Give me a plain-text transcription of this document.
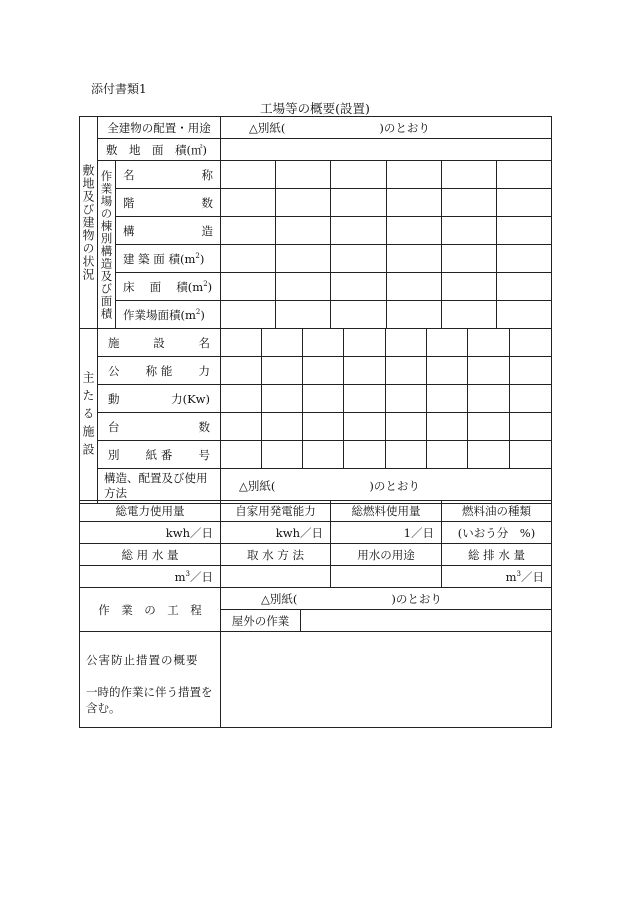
添付書類1
工場等の概要(設置)
敷地及び建物の状況	全建物の配置・用途		△別紙( )のとおり					
	敷　地　面　積(㎡)							
	作業場の棟別構造及び面積	名 称						

		階 数						

		構 造						

		建 築 面 積$(m^2)$						
		床　 面　 積$(m^2)$						
		作業場面積$(m^2)$						
主たる施設	施 設 名								

	公 称 能 力								

	動 力(Kw)								

	台 数								

	別 紙 番 号								

	構造、配置及び使用方法	△別紙( )のとおり							
総電力使用量	自家用発電能力		総燃料使用量	燃料油の種類
kwh／日	kwh／日		1／日	(いおう分　%)
総 用 水 量	取 水 方 法		用水の用途	総 排 水 量
$m^3/$日				$m^3/$日
作　業　の　工　程	△別紙( )のとおり			
	屋外の作業			

公害防止措置の概要
一時的作業に伴う措置を含む。				
